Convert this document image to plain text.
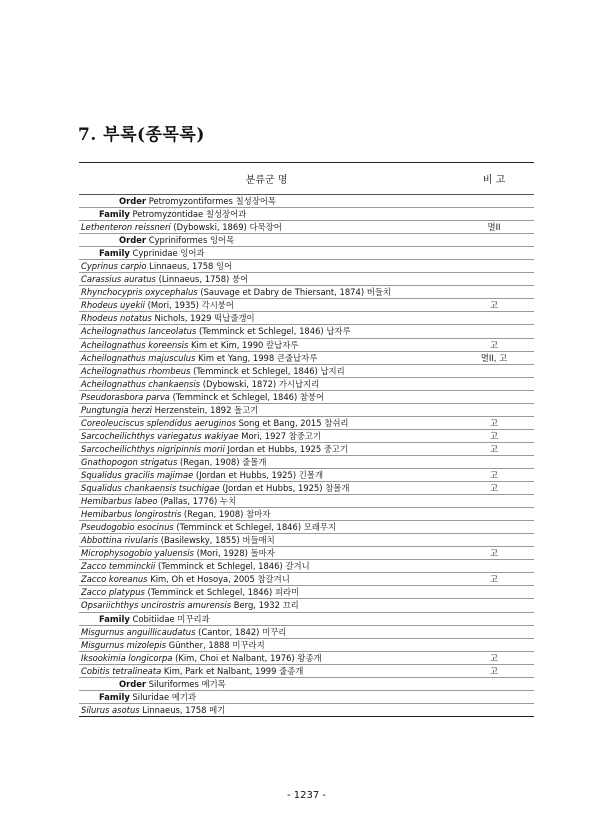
7. 부록(종목록)
분류군 명	비 고
Order Petromyzontiformes 칠성장어목	
Family Petromyzontidae 칠성장어과	
Lethenteron reissneri (Dybowski, 1869) 다묵장어	멸II
Order Cypriniformes 잉어목	
Family Cyprinidae 잉어과	
Cyprinus carpio Linnaeus, 1758 잉어	
Carassius auratus (Linnaeus, 1758) 붕어	
Rhynchocypris oxycephalus (Sauvage et Dabry de Thiersant, 1874) 버들치	
Rhodeus uyekii (Mori, 1935) 각시붕어	고
Rhodeus notatus Nichols, 1929 떡납줄갱이	
Acheilognathus lanceolatus (Temminck et Schlegel, 1846) 납자루	
Acheilognathus koreensis Kim et Kim, 1990 칼납자루	고
Acheilognathus majusculus Kim et Yang, 1998 큰줄납자루	멸II, 고
Acheilognathus rhombeus (Temminck et Schlegel, 1846) 납지리	
Acheilognathus chankaensis (Dybowski, 1872) 가시납지리	
Pseudorasbora parva (Temminck et Schlegel, 1846) 참붕어	
Pungtungia herzi Herzenstein, 1892 돌고기	
Coreoleuciscus splendidus aeruginos Song et Bang, 2015 참쉬리	고
Sarcocheilichthys variegatus wakiyae Mori, 1927 참중고기	고
Sarcocheilichthys nigripinnis morii Jordan et Hubbs, 1925 중고기	고
Gnathopogon strigatus (Regan, 1908) 줄몰개	
Squalidus gracilis majimae (Jordan et Hubbs, 1925) 긴몰개	고
Squalidus chankaensis tsuchigae (Jordan et Hubbs, 1925) 참몰개	고
Hemibarbus labeo (Pallas, 1776) 누치	
Hemibarbus longirostris (Regan, 1908) 참마자	
Pseudogobio esocinus (Temminck et Schlegel, 1846) 모래무지	
Abbottina rivularis (Basilewsky, 1855) 버들매치	
Microphysogobio yaluensis (Mori, 1928) 돌마자	고
Zacco temminckii (Temminck et Schlegel, 1846) 갈겨니	
Zacco koreanus Kim, Oh et Hosoya, 2005 참갈겨니	고
Zacco platypus (Temminck et Schlegel, 1846) 피라미	
Opsariichthys uncirostris amurensis Berg, 1932 끄리	
Family Cobitiidae 미꾸리과	
Misgurnus anguillicaudatus (Cantor, 1842) 미꾸리	
Misgurnus mizolepis Günther, 1888 미꾸라지	
Iksookimia longicorpa (Kim, Choi et Nalbant, 1976) 왕종개	고
Cobitis tetralineata Kim, Park et Nalbant, 1999 줄종개	고
Order Siluriformes 메기목	
Family Siluridae 메기과	
Silurus asotus Linnaeus, 1758 메기	
- 1237 -
